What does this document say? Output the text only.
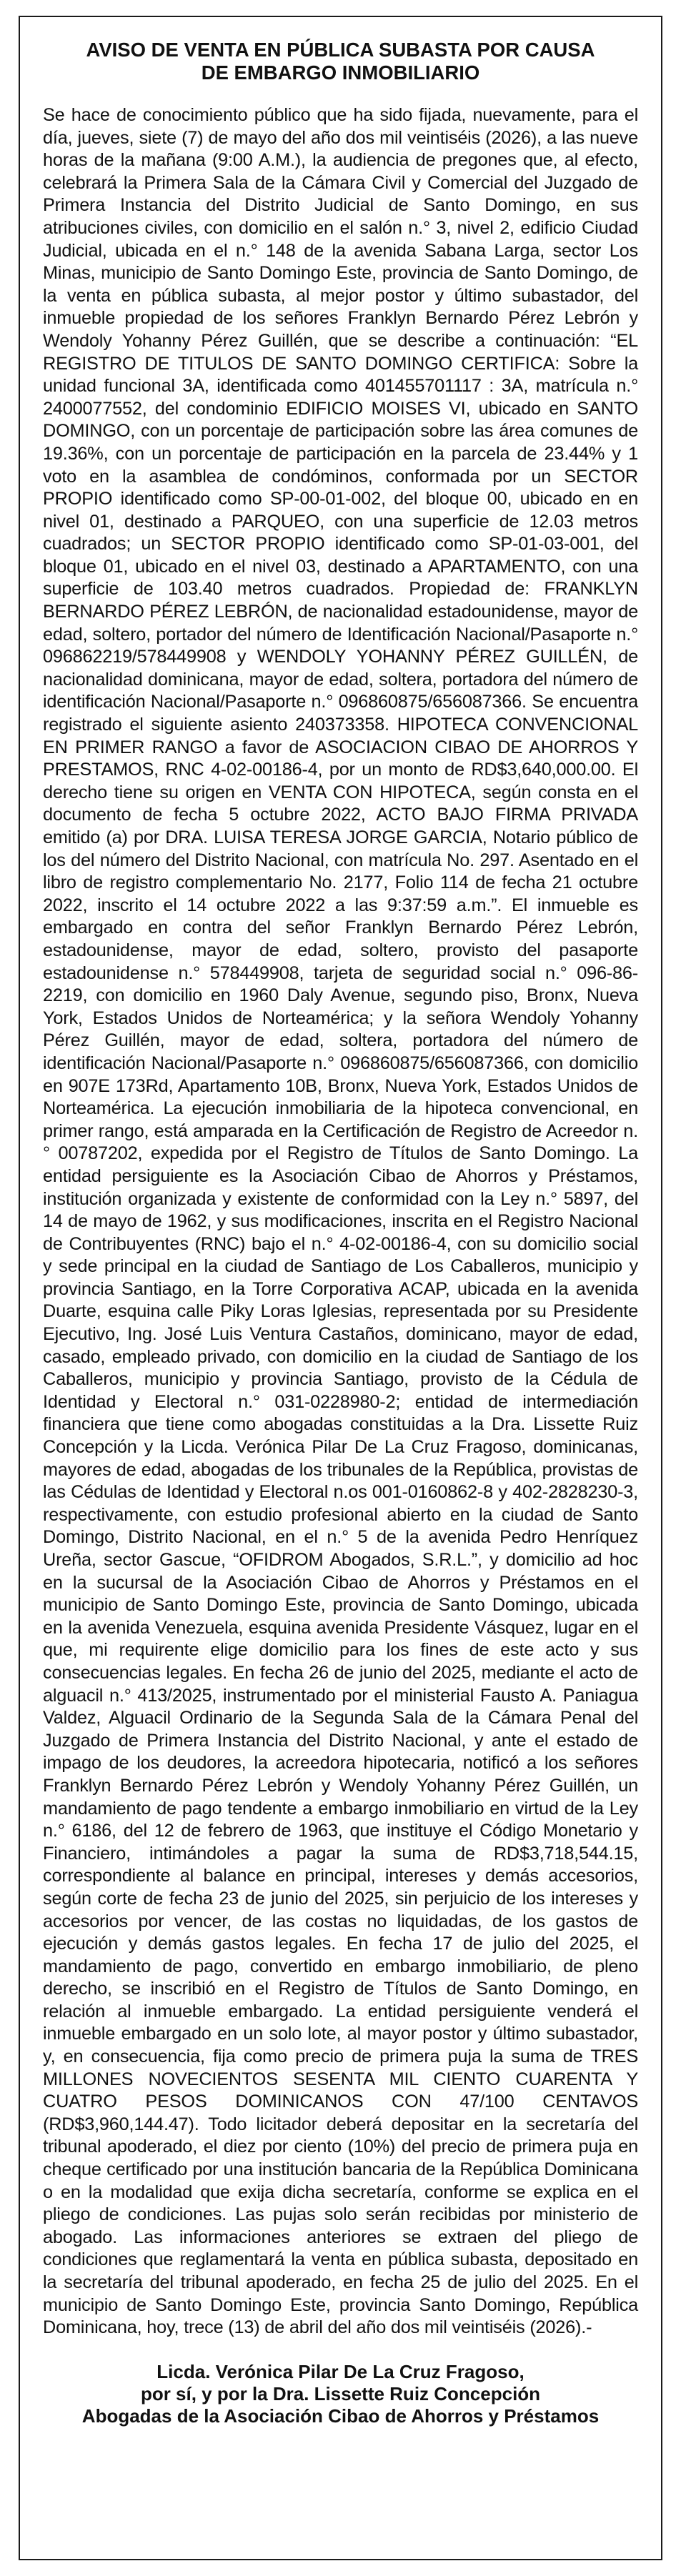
AVISO DE VENTA EN PÚBLICA SUBASTA POR CAUSA
DE EMBARGO INMOBILIARIO

Se hace de conocimiento público que ha sido fijada, nuevamente, para el día, jueves, siete (7) de mayo del año dos mil veintiséis (2026), a las nueve horas de la mañana (9:00 A.M.), la audiencia de pregones que, al efecto, celebrará la Primera Sala de la Cámara Civil y Comercial del Juzgado de Primera Instancia del Distrito Judicial de Santo Domingo, en sus atribuciones civiles, con domicilio en el salón n.° 3, nivel 2, edificio Ciudad Judicial, ubicada en el n.° 148 de la avenida Sabana Larga, sector Los Minas, municipio de Santo Domingo Este, provincia de Santo Domingo, de la venta en pública subasta, al mejor postor y último subastador, del inmueble propiedad de los señores Franklyn Bernardo Pérez Lebrón y Wendoly Yohanny Pérez Guillén, que se describe a continuación: “EL REGISTRO DE TITULOS DE SANTO DOMINGO CERTIFICA: Sobre la unidad funcional 3A, identificada como 401455701117 : 3A, matrícula n.° 2400077552, del condominio EDIFICIO MOISES VI, ubicado en SANTO DOMINGO, con un porcentaje de participación sobre las área comunes de 19.36%, con un porcentaje de participación en la parcela de 23.44% y 1 voto en la asamblea de condóminos, conformada por un SECTOR PROPIO identificado como SP-00-01-002, del bloque 00, ubicado en en nivel 01, destinado a PARQUEO, con una superficie de 12.03 metros cuadrados; un SECTOR PROPIO identificado como SP-01-03-001, del bloque 01, ubicado en el nivel 03, destinado a APARTAMENTO, con una superficie de 103.40 metros cuadrados. Propiedad de: FRANKLYN BERNARDO PÉREZ LEBRÓN, de nacionalidad estadounidense, mayor de edad, soltero, portador del número de Identificación Nacional/Pasaporte n.° 096862219/578449908 y WENDOLY YOHANNY PÉREZ GUILLÉN, de nacionalidad dominicana, mayor de edad, soltera, portadora del número de identificación Nacional/Pasaporte n.° 096860875/656087366. Se encuentra registrado el siguiente asiento 240373358. HIPOTECA CONVENCIONAL EN PRIMER RANGO a favor de ASOCIACION CIBAO DE AHORROS Y PRESTAMOS, RNC 4-02-00186-4, por un monto de RD$3,640,000.00. El derecho tiene su origen en VENTA CON HIPOTECA, según consta en el documento de fecha 5 octubre 2022, ACTO BAJO FIRMA PRIVADA emitido (a) por DRA. LUISA TERESA JORGE GARCIA, Notario público de los del número del Distrito Nacional, con matrícula No. 297. Asentado en el libro de registro complementario No. 2177, Folio 114 de fecha 21 octubre 2022, inscrito el 14 octubre 2022 a las 9:37:59 a.m.”. El inmueble es embargado en contra del señor Franklyn Bernardo Pérez Lebrón, estadounidense, mayor de edad, soltero, provisto del pasaporte estadounidense n.° 578449908, tarjeta de seguridad social n.° 096-86-2219, con domicilio en 1960 Daly Avenue, segundo piso, Bronx, Nueva York, Estados Unidos de Norteamérica; y la señora Wendoly Yohanny Pérez Guillén, mayor de edad, soltera, portadora del número de identificación Nacional/Pasaporte n.° 096860875/656087366, con domicilio en 907E 173Rd, Apartamento 10B, Bronx, Nueva York, Estados Unidos de Norteamérica. La ejecución inmobiliaria de la hipoteca convencional, en primer rango, está amparada en la Certificación de Registro de Acreedor n.° 00787202, expedida por el Registro de Títulos de Santo Domingo. La entidad persiguiente es la Asociación Cibao de Ahorros y Préstamos, institución organizada y existente de conformidad con la Ley n.° 5897, del 14 de mayo de 1962, y sus modificaciones, inscrita en el Registro Nacional de Contribuyentes (RNC) bajo el n.° 4-02-00186-4, con su domicilio social y sede principal en la ciudad de Santiago de Los Caballeros, municipio y provincia Santiago, en la Torre Corporativa ACAP, ubicada en la avenida Duarte, esquina calle Piky Loras Iglesias, representada por su Presidente Ejecutivo, Ing. José Luis Ventura Castaños, dominicano, mayor de edad, casado, empleado privado, con domicilio en la ciudad de Santiago de los Caballeros, municipio y provincia Santiago, provisto de la Cédula de Identidad y Electoral n.° 031-0228980-2; entidad de intermediación financiera que tiene como abogadas constituidas a la Dra. Lissette Ruiz Concepción y la Licda. Verónica Pilar De La Cruz Fragoso, dominicanas, mayores de edad, abogadas de los tribunales de la República, provistas de las Cédulas de Identidad y Electoral n.os 001-0160862-8 y 402-2828230-3, respectivamente, con estudio profesional abierto en la ciudad de Santo Domingo, Distrito Nacional, en el n.° 5 de la avenida Pedro Henríquez Ureña, sector Gascue, “OFIDROM Abogados, S.R.L.”, y domicilio ad hoc en la sucursal de la Asociación Cibao de Ahorros y Préstamos en el municipio de Santo Domingo Este, provincia de Santo Domingo, ubicada en la avenida Venezuela, esquina avenida Presidente Vásquez, lugar en el que, mi requirente elige domicilio para los fines de este acto y sus consecuencias legales. En fecha 26 de junio del 2025, mediante el acto de alguacil n.° 413/2025, instrumentado por el ministerial Fausto A. Paniagua Valdez, Alguacil Ordinario de la Segunda Sala de la Cámara Penal del Juzgado de Primera Instancia del Distrito Nacional, y ante el estado de impago de los deudores, la acreedora hipotecaria, notificó a los señores Franklyn Bernardo Pérez Lebrón y Wendoly Yohanny Pérez Guillén, un mandamiento de pago tendente a embargo inmobiliario en virtud de la Ley n.° 6186, del 12 de febrero de 1963, que instituye el Código Monetario y Financiero, intimándoles a pagar la suma de RD$3,718,544.15, correspondiente al balance en principal, intereses y demás accesorios, según corte de fecha 23 de junio del 2025, sin perjuicio de los intereses y accesorios por vencer, de las costas no liquidadas, de los gastos de ejecución y demás gastos legales. En fecha 17 de julio del 2025, el mandamiento de pago, convertido en embargo inmobiliario, de pleno derecho, se inscribió en el Registro de Títulos de Santo Domingo, en relación al inmueble embargado. La entidad persiguiente venderá el inmueble embargado en un solo lote, al mayor postor y último subastador, y, en consecuencia, fija como precio de primera puja la suma de TRES MILLONES NOVECIENTOS SESENTA MIL CIENTO CUARENTA Y CUATRO PESOS DOMINICANOS CON 47/100 CENTAVOS (RD$3,960,144.47). Todo licitador deberá depositar en la secretaría del tribunal apoderado, el diez por ciento (10%) del precio de primera puja en cheque certificado por una institución bancaria de la República Dominicana o en la modalidad que exija dicha secretaría, conforme se explica en el pliego de condiciones. Las pujas solo serán recibidas por ministerio de abogado. Las informaciones anteriores se extraen del pliego de condiciones que reglamentará la venta en pública subasta, depositado en la secretaría del tribunal apoderado, en fecha 25 de julio del 2025. En el municipio de Santo Domingo Este, provincia Santo Domingo, República Dominicana, hoy, trece (13) de abril del año dos mil veintiséis (2026).-

Licda. Verónica Pilar De La Cruz Fragoso,
por sí, y por la Dra. Lissette Ruiz Concepción
Abogadas de la Asociación Cibao de Ahorros y Préstamos
